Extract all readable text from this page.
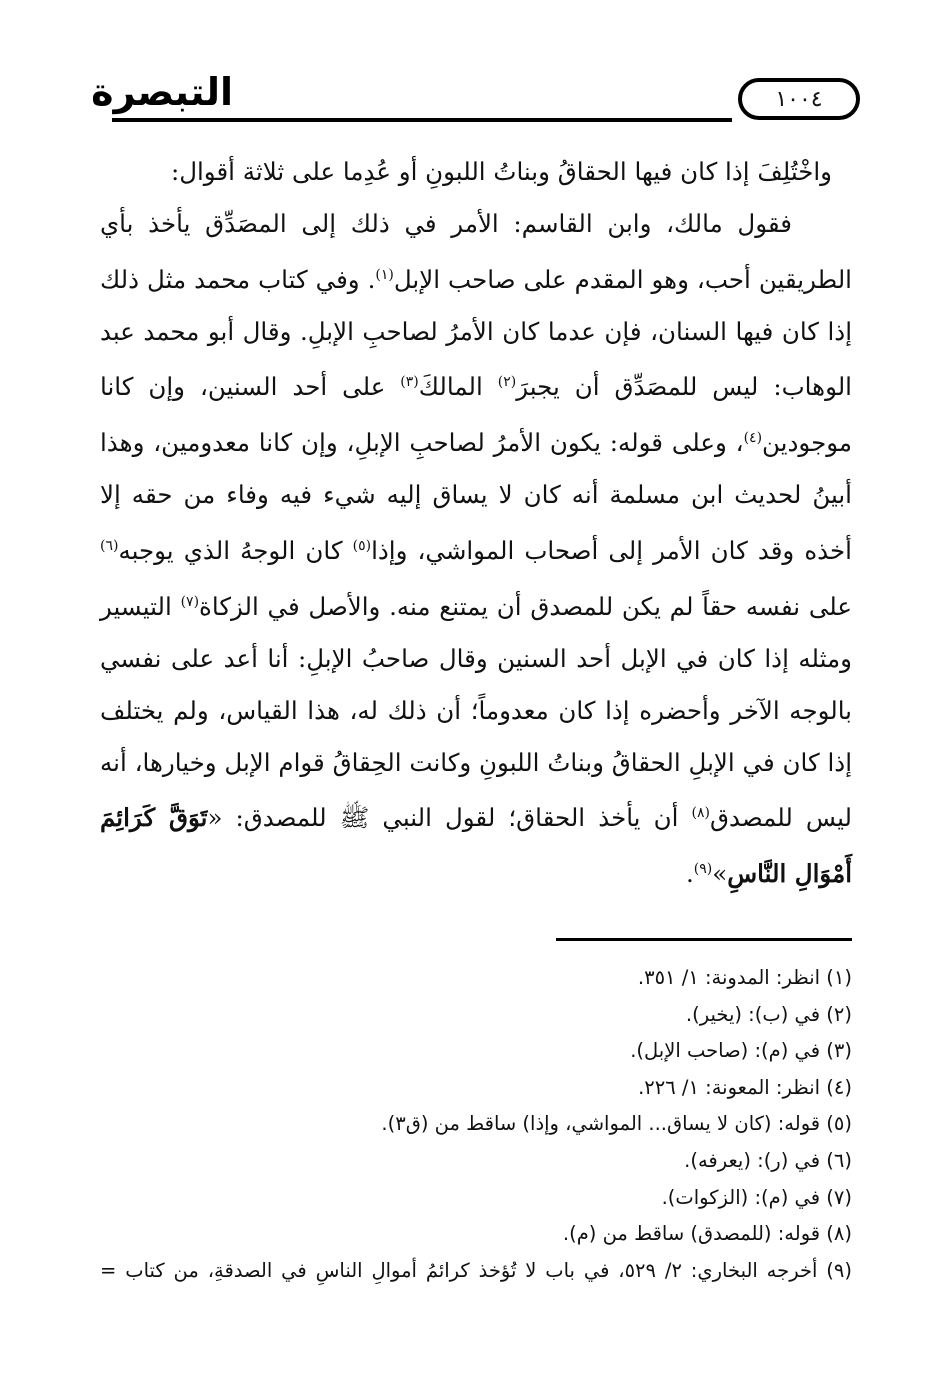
التبصرة	١٠٠٤

واخْتُلِفَ إذا كان فيها الحقاقُ وبناتُ اللبونِ أو عُدِما على ثلاثة أقوال:

فقول مالك، وابن القاسم: الأمر في ذلك إلى المصَدِّق يأخذ بأي الطريقين أحب، وهو المقدم على صاحب الإبل$^{(١)}$. وفي كتاب محمد مثل ذلك إذا كان فيها السنان، فإن عدما كان الأمرُ لصاحبِ الإبلِ. وقال أبو محمد عبد الوهاب: ليس للمصَدِّق أن يجبرَ$^{(٢)}$ المالكَ$^{(٣)}$ على أحد السنين، وإن كانا موجودين$^{(٤)}$، وعلى قوله: يكون الأمرُ لصاحبِ الإبلِ، وإن كانا معدومين، وهذا أبينُ لحديث ابن مسلمة أنه كان لا يساق إليه شيء فيه وفاء من حقه إلا أخذه وقد كان الأمر إلى أصحاب المواشي، وإذا$^{(٥)}$ كان الوجهُ الذي يوجبه$^{(٦)}$ على نفسه حقاً لم يكن للمصدق أن يمتنع منه. والأصل في الزكاة$^{(٧)}$ التيسير ومثله إذا كان في الإبل أحد السنين وقال صاحبُ الإبلِ: أنا أعد على نفسي بالوجه الآخر وأحضره إذا كان معدوماً؛ أن ذلك له، هذا القياس، ولم يختلف إذا كان في الإبلِ الحقاقُ وبناتُ اللبونِ وكانت الحِقاقُ قوام الإبل وخيارها، أنه ليس للمصدق$^{(٨)}$ أن يأخذ الحقاق؛ لقول النبي ﷺ للمصدق: «تَوَقَّ كَرَائِمَ أَمْوَالِ النَّاسِ»$^{(٩)}$.

(١) انظر: المدونة: ١/ ٣٥١.

(٢) في (ب): (يخير).

(٣) في (م): (صاحب الإبل).

(٤) انظر: المعونة: ١/ ٢٢٦.

(٥) قوله: (كان لا يساق... المواشي، وإذا) ساقط من (ق٣).

(٦) في (ر): (يعرفه).

(٧) في (م): (الزكوات).

(٨) قوله: (للمصدق) ساقط من (م).

(٩) أخرجه البخاري: ٢/ ٥٢٩، في باب لا تُؤخذ كرائمُ أموالِ الناسِ في الصدقةِ، من كتاب =
